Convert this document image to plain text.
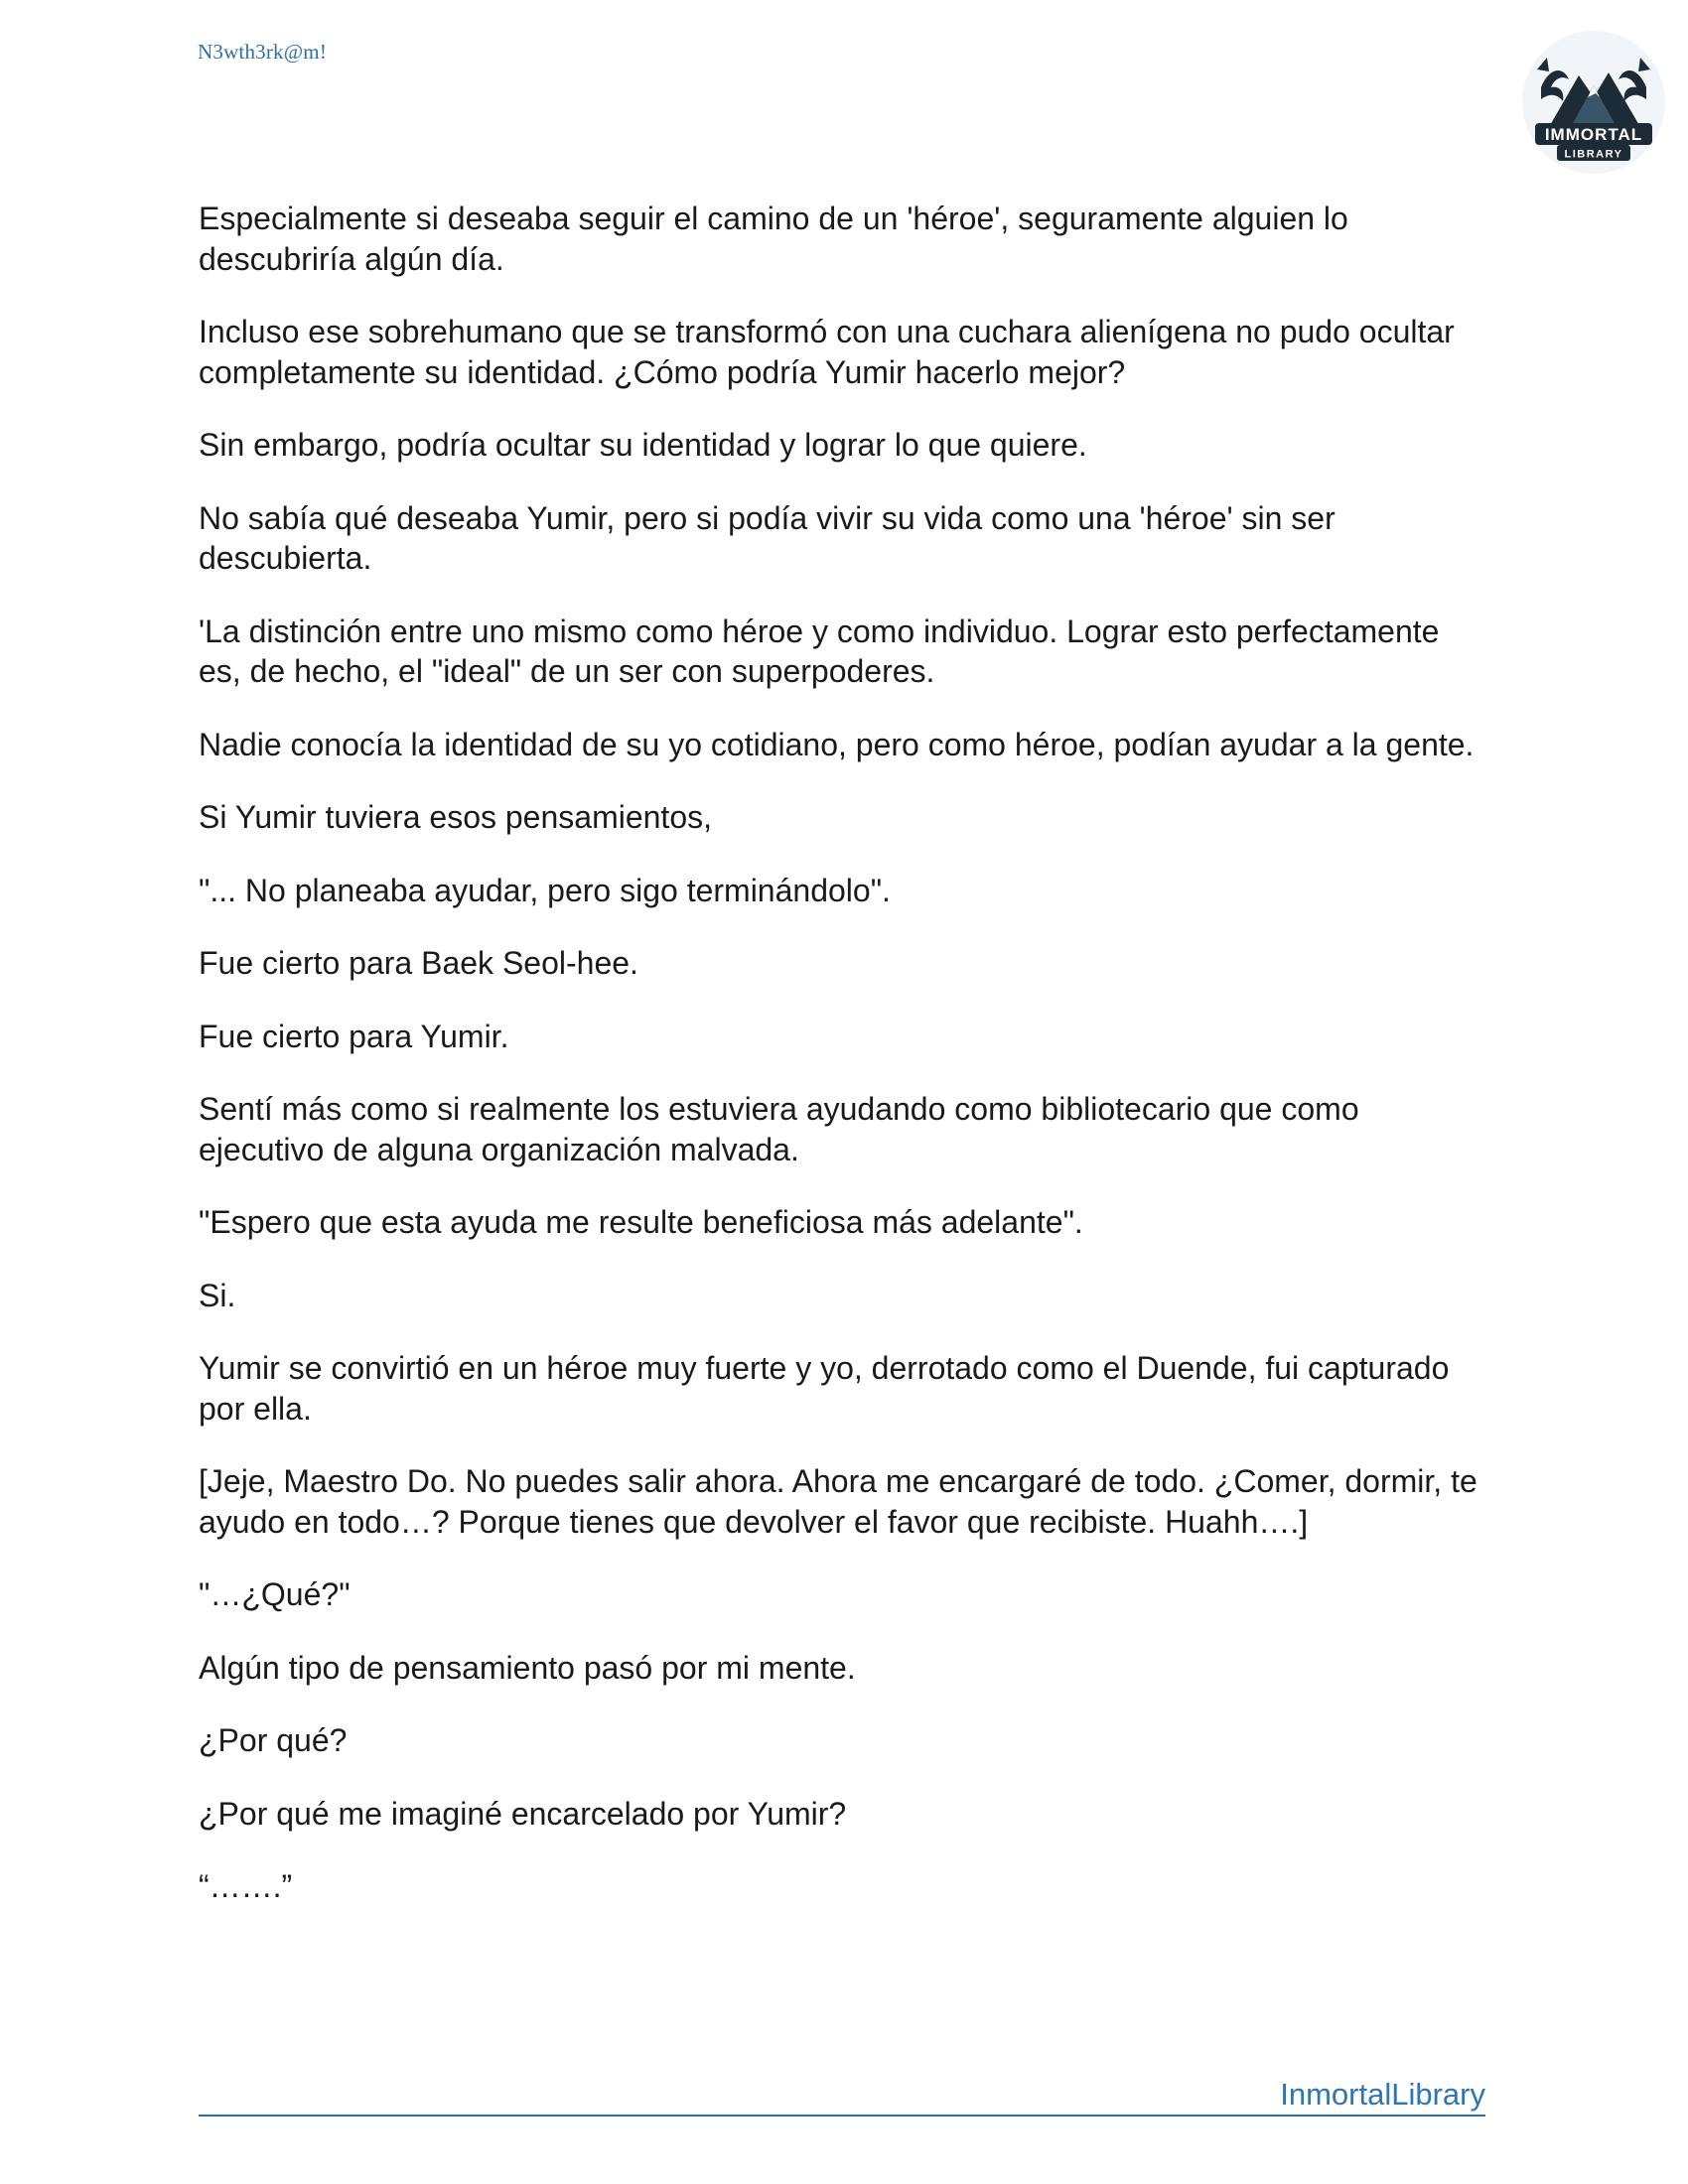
N3wth3rk@m!
IMMORTAL
LIBRARY

Especialmente si deseaba seguir el camino de un 'héroe', seguramente alguien lo descubriría algún día.

Incluso ese sobrehumano que se transformó con una cuchara alienígena no pudo ocultar completamente su identidad. ¿Cómo podría Yumir hacerlo mejor?

Sin embargo, podría ocultar su identidad y lograr lo que quiere.

No sabía qué deseaba Yumir, pero si podía vivir su vida como una 'héroe' sin ser descubierta.

'La distinción entre uno mismo como héroe y como individuo. Lograr esto perfectamente es, de hecho, el "ideal" de un ser con superpoderes.

Nadie conocía la identidad de su yo cotidiano, pero como héroe, podían ayudar a la gente.

Si Yumir tuviera esos pensamientos,

"... No planeaba ayudar, pero sigo terminándolo".

Fue cierto para Baek Seol-hee.

Fue cierto para Yumir.

Sentí más como si realmente los estuviera ayudando como bibliotecario que como ejecutivo de alguna organización malvada.

"Espero que esta ayuda me resulte beneficiosa más adelante".

Si.

Yumir se convirtió en un héroe muy fuerte y yo, derrotado como el Duende, fui capturado por ella.

[Jeje, Maestro Do. No puedes salir ahora. Ahora me encargaré de todo. ¿Comer, dormir, te ayudo en todo…? Porque tienes que devolver el favor que recibiste. Huahh….]

"…¿Qué?"

Algún tipo de pensamiento pasó por mi mente.

¿Por qué?

¿Por qué me imaginé encarcelado por Yumir?

“…….”

InmortalLibrary
